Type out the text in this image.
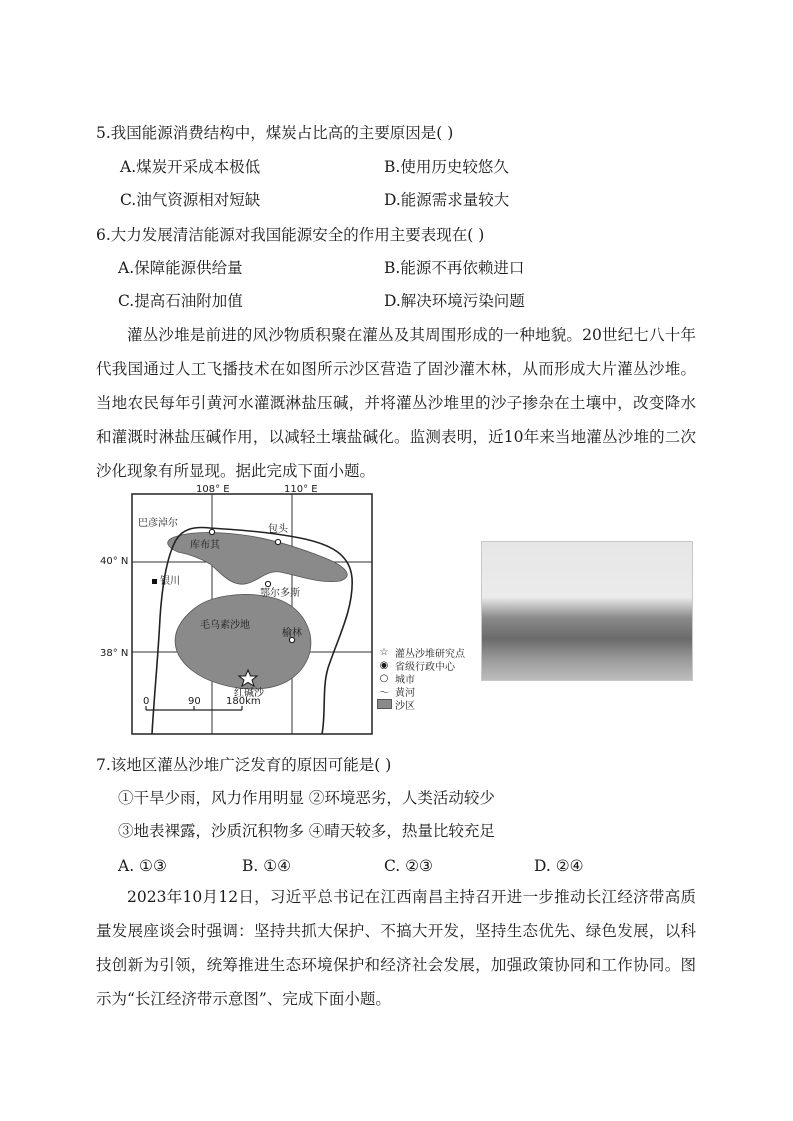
5.我国能源消费结构中，煤炭占比高的主要原因是( )
A.煤炭开采成本极低	B.使用历史较悠久
C.油气资源相对短缺	D.能源需求量较大
6.大力发展清洁能源对我国能源安全的作用主要表现在( )
A.保障能源供给量	B.能源不再依赖进口
C.提高石油附加值	D.解决环境污染问题
灌丛沙堆是前进的风沙物质积聚在灌丛及其周围形成的一种地貌。20世纪七八十年代我国通过人工飞播技术在如图所示沙区营造了固沙灌木林，从而形成大片灌丛沙堆。当地农民每年引黄河水灌溉淋盐压碱，并将灌丛沙堆里的沙子掺杂在土壤中，改变降水和灌溉时淋盐压碱作用，以减轻土壤盐碱化。监测表明，近10年来当地灌丛沙堆的二次沙化现象有所显现。据此完成下面小题。
108° E	110° E
40° N
38° N
巴彦淖尔
包头
库布其
银川
鄂尔多斯
毛乌素沙地
榆林
红碱沙
0	90	180km
☆ 灌丛沙堆研究点
◉ 省级行政中心
○ 城市
〜 黄河
沙区
7.该地区灌丛沙堆广泛发育的原因可能是( )
①干旱少雨，风力作用明显 ②环境恶劣，人类活动较少
③地表裸露，沙质沉积物多 ④晴天较多，热量比较充足
A. ①③	B. ①④	C. ②③	D. ②④
2023年10月12日，习近平总书记在江西南昌主持召开进一步推动长江经济带高质量发展座谈会时强调：坚持共抓大保护、不搞大开发，坚持生态优先、绿色发展，以科技创新为引领，统筹推进生态环境保护和经济社会发展，加强政策协同和工作协同。图示为“长江经济带示意图”、完成下面小题。
